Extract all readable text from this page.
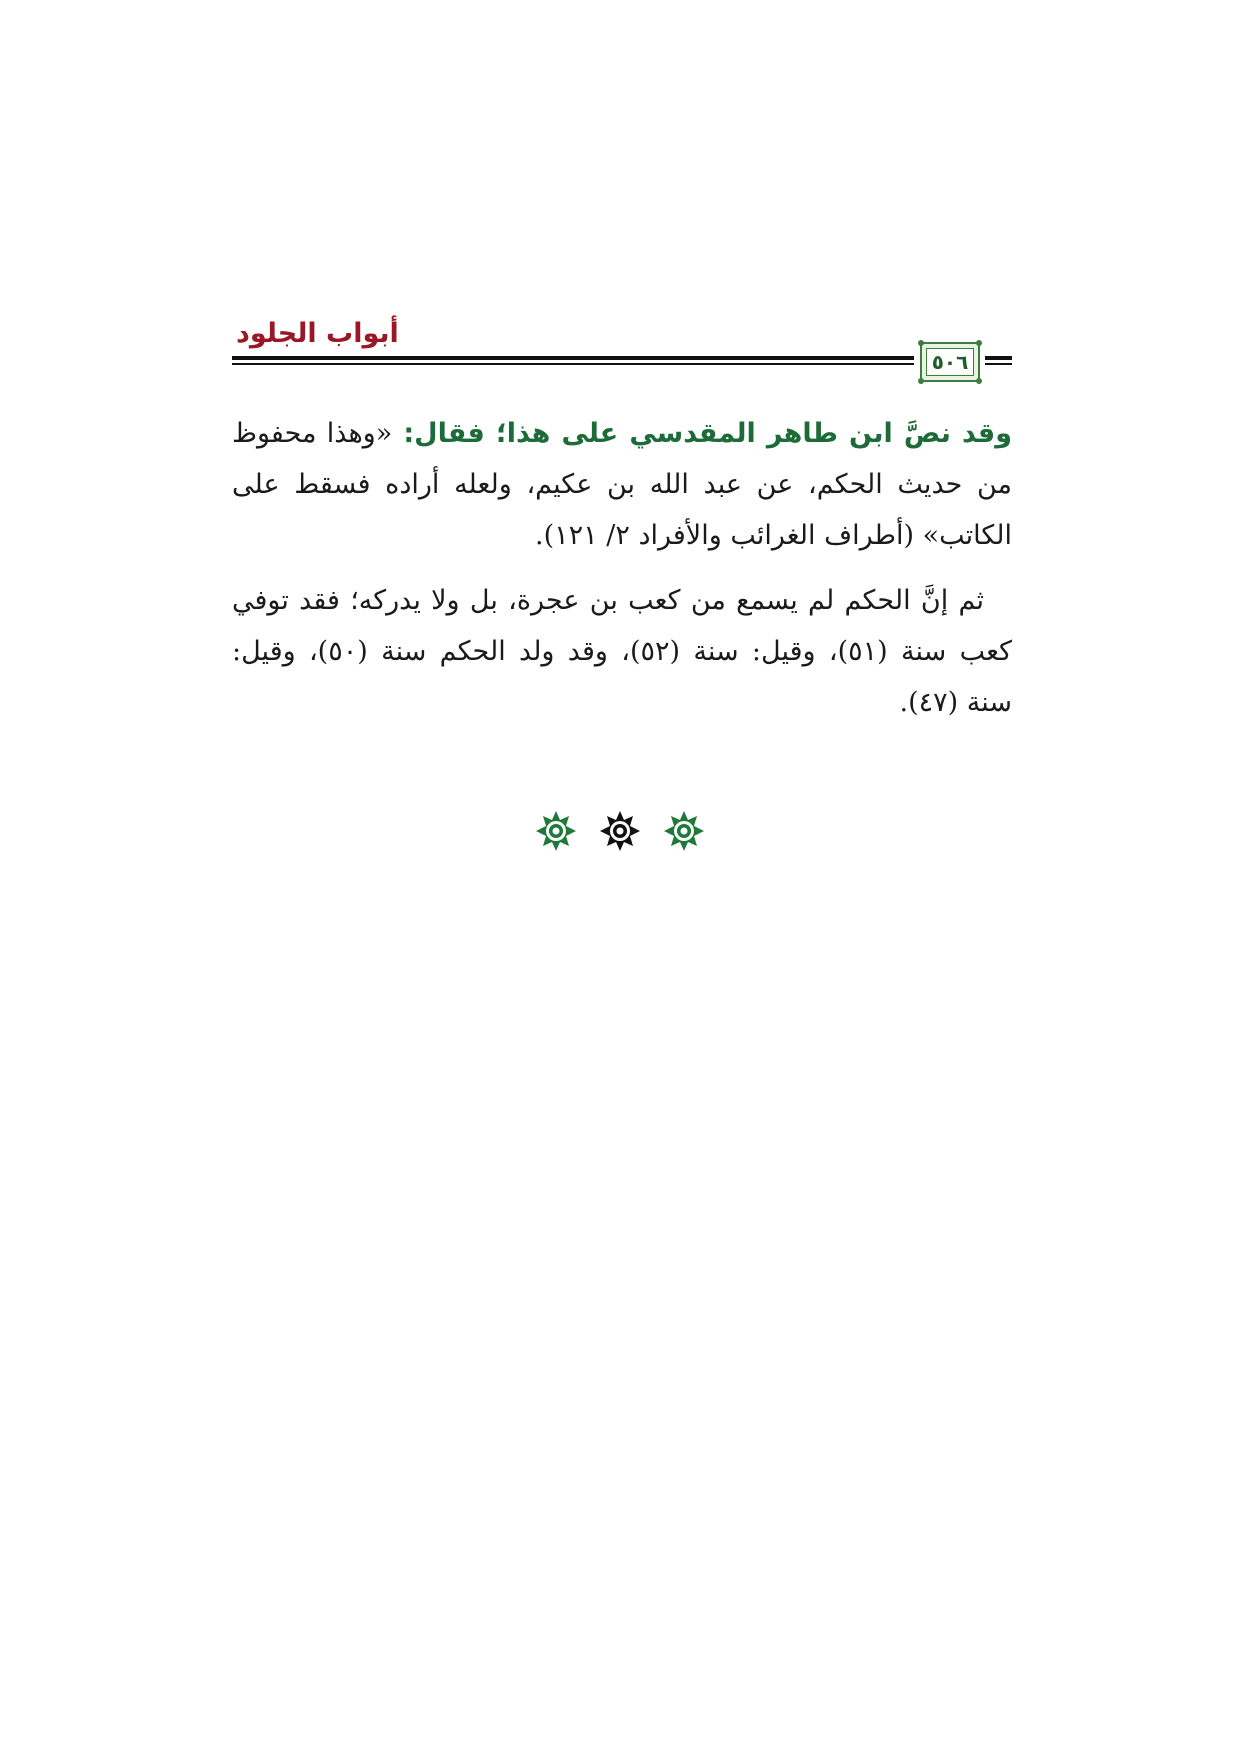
أبواب الجلود
٥٠٦

وقد نصَّ ابن طاهر المقدسي على هذا؛ فقال: «وهذا محفوظ من حديث الحكم، عن عبد الله بن عكيم، ولعله أراده فسقط على الكاتب» (أطراف الغرائب والأفراد ٢/ ١٢١).

ثم إنَّ الحكم لم يسمع من كعب بن عجرة، بل ولا يدركه؛ فقد توفي كعب سنة (٥١)، وقيل: سنة (٥٢)، وقد ولد الحكم سنة (٥٠)، وقيل: سنة (٤٧).
